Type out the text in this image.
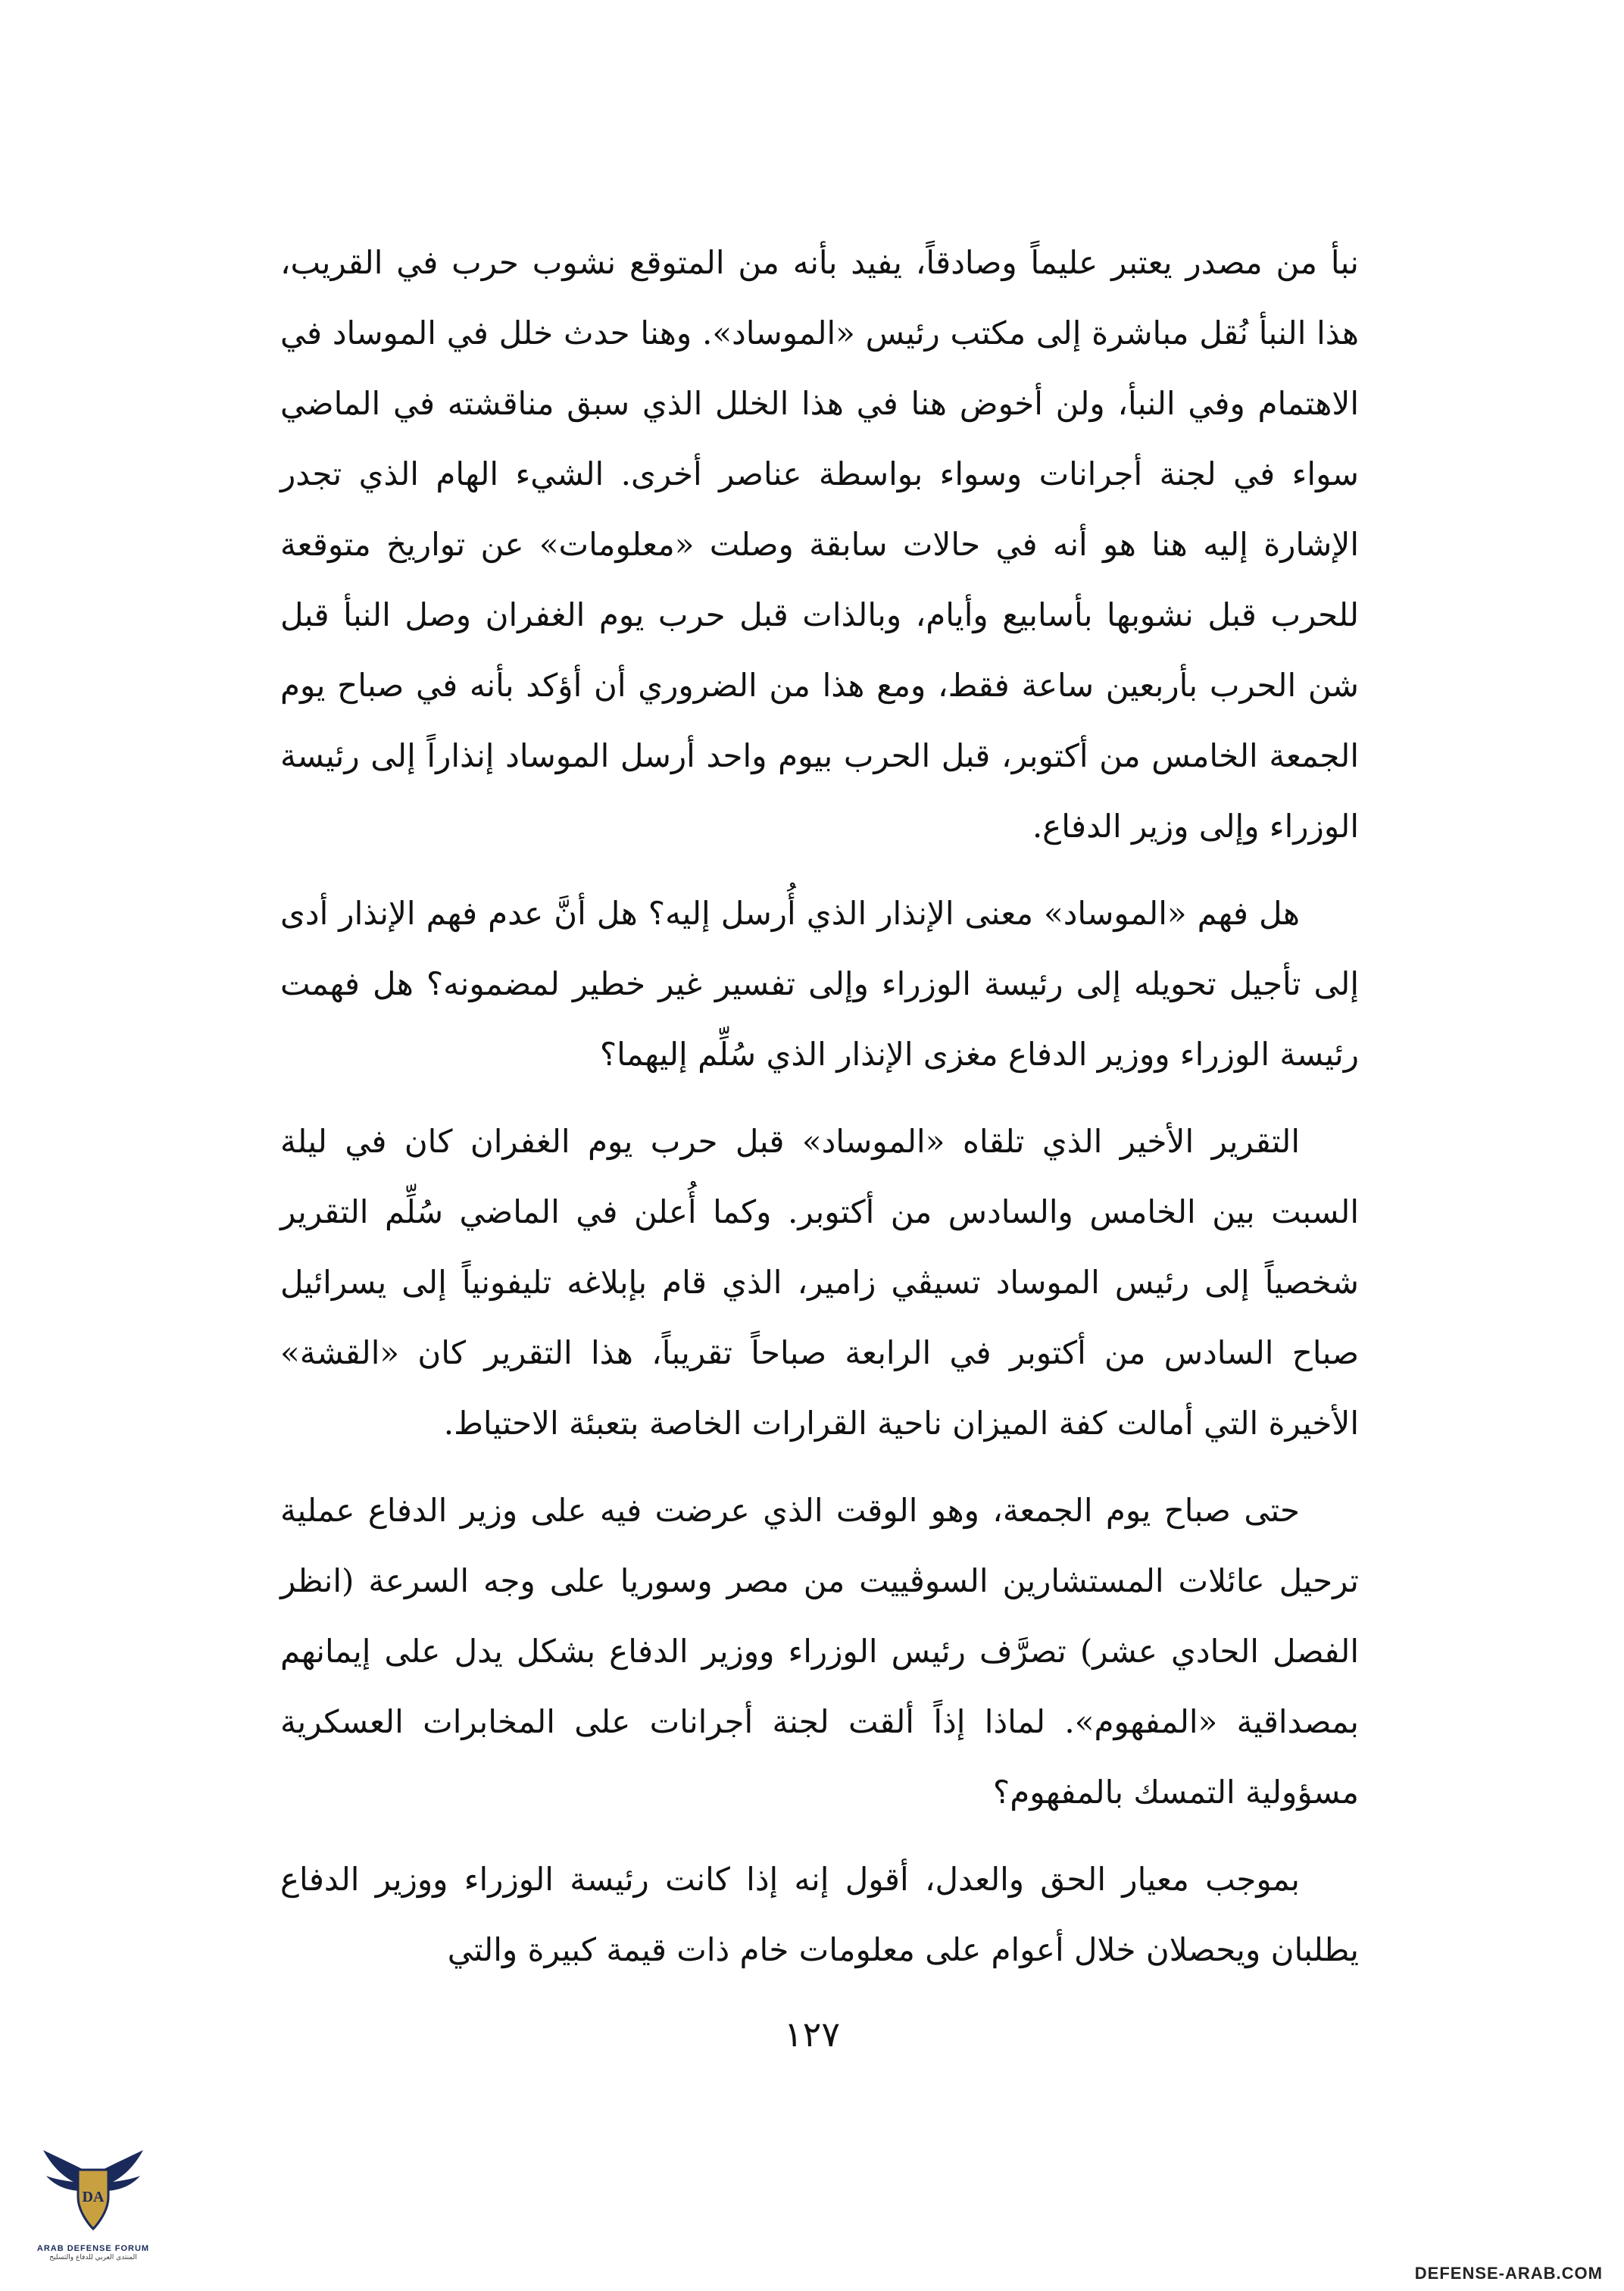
نبأ من مصدر يعتبر عليماً وصادقاً، يفيد بأنه من المتوقع نشوب حرب في القريب، هذا النبأ نُقل مباشرة إلى مكتب رئيس «الموساد». وهنا حدث خلل في الموساد في الاهتمام وفي النبأ، ولن أخوض هنا في هذا الخلل الذي سبق مناقشته في الماضي سواء في لجنة أجرانات وسواء بواسطة عناصر أخرى. الشيء الهام الذي تجدر الإشارة إليه هنا هو أنه في حالات سابقة وصلت «معلومات» عن تواريخ متوقعة للحرب قبل نشوبها بأسابيع وأيام، وبالذات قبل حرب يوم الغفران وصل النبأ قبل شن الحرب بأربعين ساعة فقط، ومع هذا من الضروري أن أؤكد بأنه في صباح يوم الجمعة الخامس من أكتوبر، قبل الحرب بيوم واحد أرسل الموساد إنذاراً إلى رئيسة الوزراء وإلى وزير الدفاع.

هل فهم «الموساد» معنى الإنذار الذي أُرسل إليه؟ هل أنَّ عدم فهم الإنذار أدى إلى تأجيل تحويله إلى رئيسة الوزراء وإلى تفسير غير خطير لمضمونه؟ هل فهمت رئيسة الوزراء ووزير الدفاع مغزى الإنذار الذي سُلِّم إليهما؟

التقرير الأخير الذي تلقاه «الموساد» قبل حرب يوم الغفران كان في ليلة السبت بين الخامس والسادس من أكتوبر. وكما أُعلن في الماضي سُلِّم التقرير شخصياً إلى رئيس الموساد تسيڤي زامير، الذي قام بإبلاغه تليفونياً إلى يسرائيل صباح السادس من أكتوبر في الرابعة صباحاً تقريباً، هذا التقرير كان «القشة» الأخيرة التي أمالت كفة الميزان ناحية القرارات الخاصة بتعبئة الاحتياط.

حتى صباح يوم الجمعة، وهو الوقت الذي عرضت فيه على وزير الدفاع عملية ترحيل عائلات المستشارين السوڤييت من مصر وسوريا على وجه السرعة (انظر الفصل الحادي عشر) تصرَّف رئيس الوزراء ووزير الدفاع بشكل يدل على إيمانهم بمصداقية «المفهوم». لماذا إذاً ألقت لجنة أجرانات على المخابرات العسكرية مسؤولية التمسك بالمفهوم؟

بموجب معيار الحق والعدل، أقول إنه إذا كانت رئيسة الوزراء ووزير الدفاع يطلبان ويحصلان خلال أعوام على معلومات خام ذات قيمة كبيرة والتي

١٢٧
DA
ARAB DEFENSE FORUM
المنتدى العربي للدفاع والتسليح
DEFENSE-ARAB.COM
